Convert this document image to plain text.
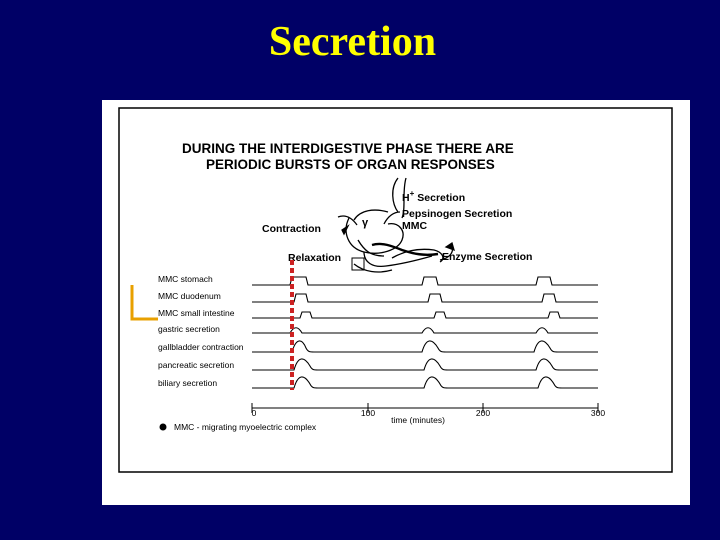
Secretion
DURING THE INTERDIGESTIVE PHASE THERE ARE
PERIODIC BURSTS OF ORGAN RESPONSES
H+ Secretion
Pepsinogen Secretion
MMC
Contraction	γ
Relaxation	Enzyme Secretion
MMC stomach
MMC duodenum
MMC small intestine
gastric secretion
gallbladder contraction
pancreatic secretion
biliary secretion
0	100	200	300
time (minutes)
MMC - migrating myoelectric complex
